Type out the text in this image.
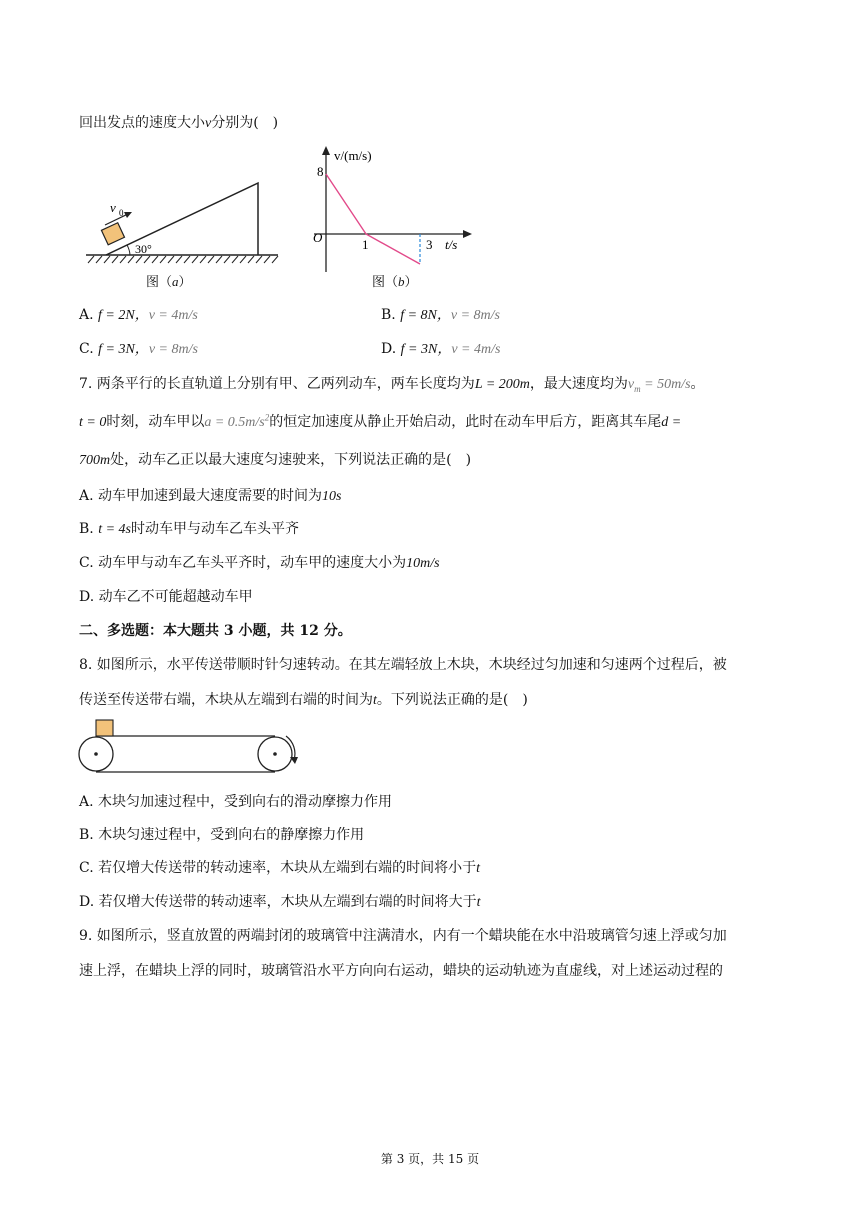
回出发点的速度大小v分别为(　)
v 0
30°
图（a）
v/(m/s)
t/s
O
8
1	3
图（b）
A. f = 2N，v = 4m/s	B. f = 8N，v = 8m/s
C. f = 3N，v = 8m/s	D. f = 3N，v = 4m/s
7. 两条平行的长直轨道上分别有甲、乙两列动车，两车长度均为L = 200m，最大速度均为$v_m = 50m/s$。
t = 0时刻，动车甲以$a = 0.5m/s^2$的恒定加速度从静止开始启动，此时在动车甲后方，距离其车尾d =
700m处，动车乙正以最大速度匀速驶来，下列说法正确的是(　)
A. 动车甲加速到最大速度需要的时间为10s
B. t = 4s时动车甲与动车乙车头平齐
C. 动车甲与动车乙车头平齐时，动车甲的速度大小为10m/s
D. 动车乙不可能超越动车甲
二、多选题：本大题共 3 小题，共 12 分。
8. 如图所示，水平传送带顺时针匀速转动。在其左端轻放上木块，木块经过匀加速和匀速两个过程后，被
传送至传送带右端，木块从左端到右端的时间为t。下列说法正确的是(　)
A. 木块匀加速过程中，受到向右的滑动摩擦力作用
B. 木块匀速过程中，受到向右的静摩擦力作用
C. 若仅增大传送带的转动速率，木块从左端到右端的时间将小于t
D. 若仅增大传送带的转动速率，木块从左端到右端的时间将大于t
9. 如图所示，竖直放置的两端封闭的玻璃管中注满清水，内有一个蜡块能在水中沿玻璃管匀速上浮或匀加
速上浮，在蜡块上浮的同时，玻璃管沿水平方向向右运动，蜡块的运动轨迹为直虚线，对上述运动过程的
第 3 页，共 15 页
